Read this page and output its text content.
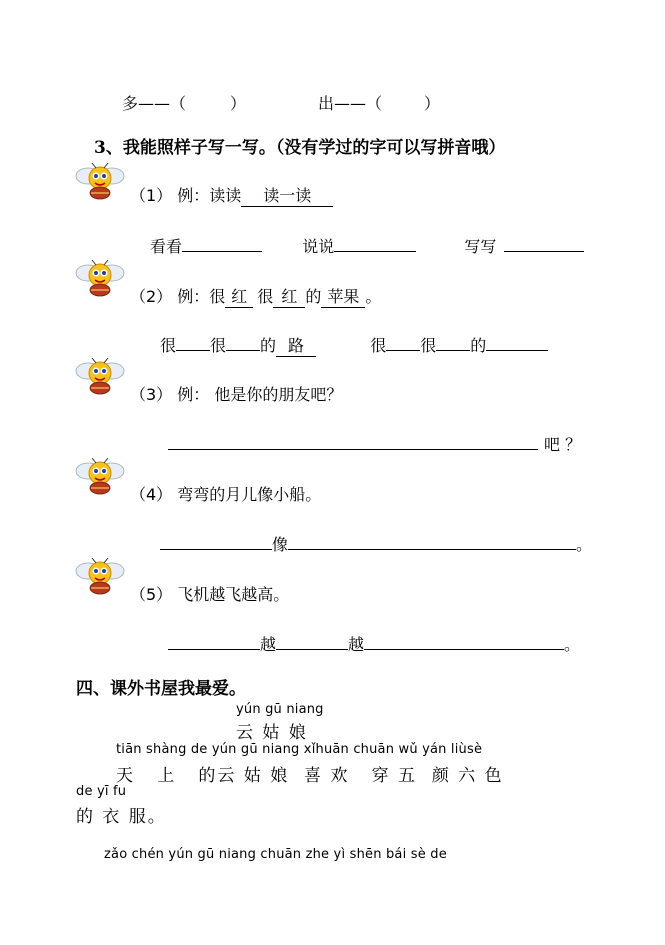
多——（	）	出——（	）
3、我能照样子写一写。（没有学过的字可以写拼音哦）
（1） 例：读读 读一读
看看	说说	写写
（2） 例：很 红 很 红 的 苹果 。
很 很 的 路	很 很 的
（3） 例： 他是你的朋友吧？
吧 ？
（4） 弯弯的月儿像小船。
像	。
（5） 飞机越飞越高。
越	越	。
四、课外书屋我最爱。
yún gū niang
云 姑 娘
tiān shàng de yún gū niang xǐhuān chuān wǔ yán liùsè
天   上   的云 姑 娘  喜 欢   穿 五  颜 六 色
de yī fu
的 衣 服。
zǎo chén yún gū niang chuān zhe yì shēn bái sè de
